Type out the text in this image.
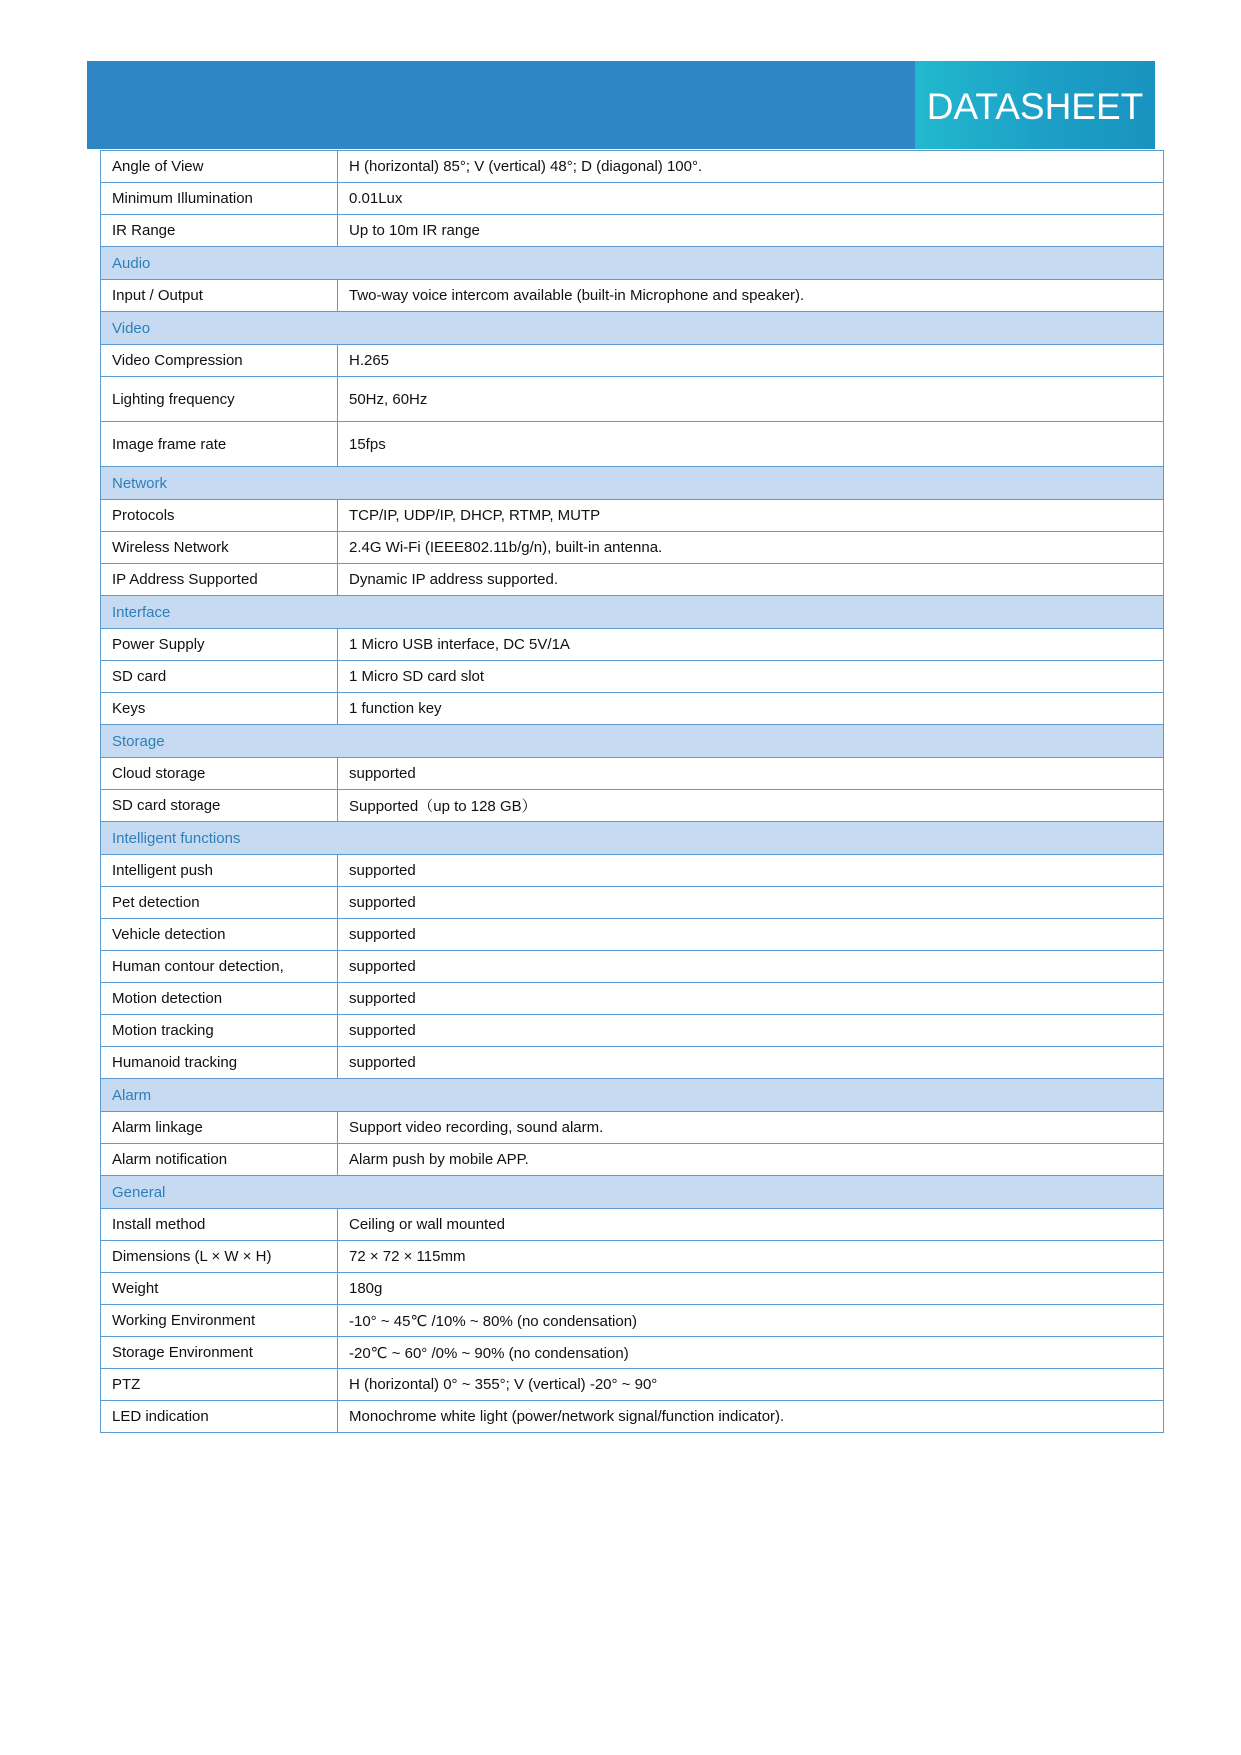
DATASHEET
Angle of View	H (horizontal) 85°; V (vertical) 48°; D (diagonal) 100°.
Minimum Illumination	0.01Lux
IR Range	Up to 10m IR range
Audio	
Input / Output	Two-way voice intercom available (built-in Microphone and speaker).
Video	
Video Compression	H.265
Lighting frequency	50Hz, 60Hz
Image frame rate	15fps
Network	
Protocols	TCP/IP, UDP/IP, DHCP, RTMP, MUTP
Wireless Network	2.4G Wi-Fi (IEEE802.11b/g/n), built-in antenna.
IP Address Supported	Dynamic IP address supported.
Interface	
Power Supply	1 Micro USB interface, DC 5V/1A
SD card	1 Micro SD card slot
Keys	1 function key
Storage	
Cloud storage	supported
SD card storage	Supported（up to 128 GB）
Intelligent functions	
Intelligent push	supported
Pet detection	supported
Vehicle detection	supported
Human contour detection,	supported
Motion detection	supported
Motion tracking	supported
Humanoid tracking	supported
Alarm	
Alarm linkage	Support video recording, sound alarm.
Alarm notification	Alarm push by mobile APP.
General	
Install method	Ceiling or wall mounted
Dimensions (L × W × H)	72 × 72 × 115mm
Weight	180g
Working Environment	-10° ~ 45℃ /10% ~ 80% (no condensation)
Storage Environment	-20℃ ~ 60° /0% ~ 90% (no condensation)
PTZ	H (horizontal) 0° ~ 355°; V (vertical) -20° ~ 90°
LED indication	Monochrome white light (power/network signal/function indicator).
